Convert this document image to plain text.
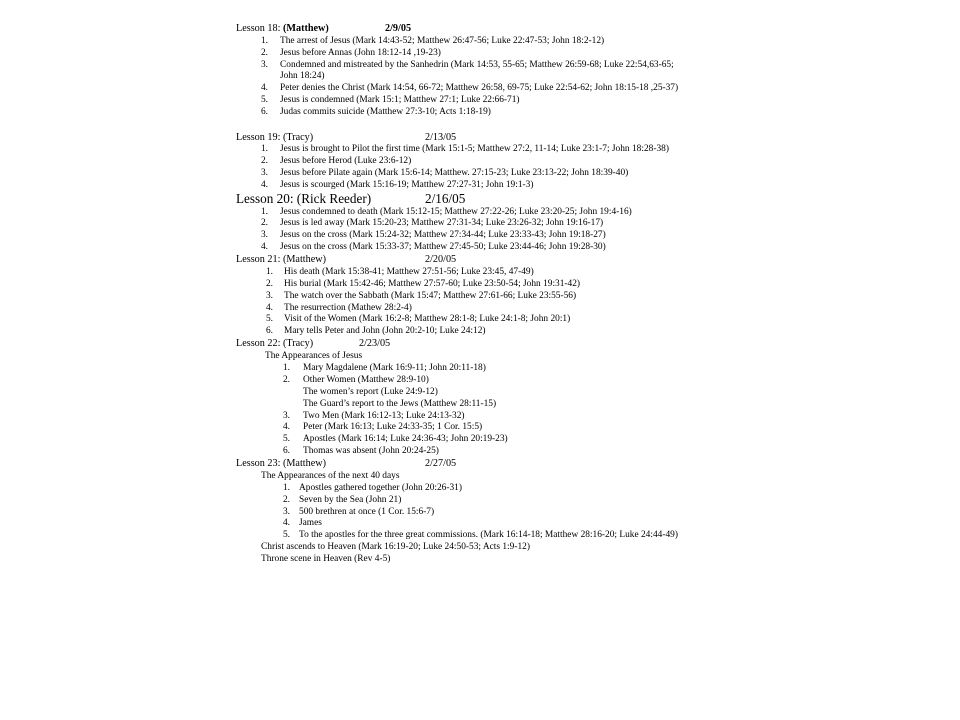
Lesson 18: (Matthew)	2/9/05
1. The arrest of Jesus (Mark 14:43-52; Matthew 26:47-56; Luke 22:47-53; John 18:2-12)
2. Jesus before Annas (John 18:12-14 ,19-23)
3. Condemned and mistreated by the Sanhedrin (Mark 14:53, 55-65; Matthew 26:59-68; Luke 22:54,63-65; John 18:24)
4. Peter denies the Christ (Mark 14:54, 66-72; Matthew 26:58, 69-75; Luke 22:54-62; John 18:15-18 ,25-37)
5. Jesus is condemned (Mark 15:1; Matthew 27:1; Luke 22:66-71)
6. Judas commits suicide (Matthew 27:3-10; Acts 1:18-19)
Lesson 19: (Tracy)	2/13/05
1. Jesus is brought to Pilot the first time (Mark 15:1-5; Matthew 27:2, 11-14; Luke 23:1-7; John 18:28-38)
2. Jesus before Herod (Luke 23:6-12)
3. Jesus before Pilate again (Mark 15:6-14; Matthew. 27:15-23; Luke 23:13-22; John 18:39-40)
4. Jesus is scourged (Mark 15:16-19; Matthew 27:27-31; John 19:1-3)
Lesson 20: (Rick Reeder)	2/16/05
1. Jesus condemned to death (Mark 15:12-15; Matthew 27:22-26; Luke 23:20-25; John 19:4-16)
2. Jesus is led away (Mark 15:20-23; Matthew 27:31-34; Luke 23:26-32; John 19:16-17)
3. Jesus on the cross (Mark 15:24-32; Matthew 27:34-44; Luke 23:33-43; John 19:18-27)
4. Jesus on the cross (Mark 15:33-37; Matthew 27:45-50; Luke 23:44-46; John 19:28-30)
Lesson 21: (Matthew)	2/20/05
1. His death (Mark 15:38-41; Matthew 27:51-56; Luke 23:45, 47-49)
2. His burial (Mark 15:42-46; Matthew 27:57-60; Luke 23:50-54; John 19:31-42)
3. The watch over the Sabbath (Mark 15:47; Matthew 27:61-66; Luke 23:55-56)
4. The resurrection (Mathew 28:2-4)
5. Visit of the Women (Mark 16:2-8; Matthew 28:1-8; Luke 24:1-8; John 20:1)
6. Mary tells Peter and John (John 20:2-10; Luke 24:12)
Lesson 22: (Tracy)	2/23/05
The Appearances of Jesus
1. Mary Magdalene (Mark 16:9-11; John 20:11-18)
2. Other Women (Matthew 28:9-10)
The women’s report (Luke 24:9-12)
The Guard’s report to the Jews (Matthew 28:11-15)
3. Two Men (Mark 16:12-13; Luke 24:13-32)
4. Peter (Mark 16:13; Luke 24:33-35; 1 Cor. 15:5)
5. Apostles (Mark 16:14; Luke 24:36-43; John 20:19-23)
6. Thomas was absent (John 20:24-25)
Lesson 23: (Matthew)	2/27/05
The Appearances of the next 40 days
1. Apostles gathered together (John 20:26-31)
2. Seven by the Sea (John 21)
3. 500 brethren at once (1 Cor. 15:6-7)
4. James
5. To the apostles for the three great commissions. (Mark 16:14-18; Matthew 28:16-20; Luke 24:44-49)
Christ ascends to Heaven (Mark 16:19-20; Luke 24:50-53; Acts 1:9-12)
Throne scene in Heaven (Rev 4-5)
